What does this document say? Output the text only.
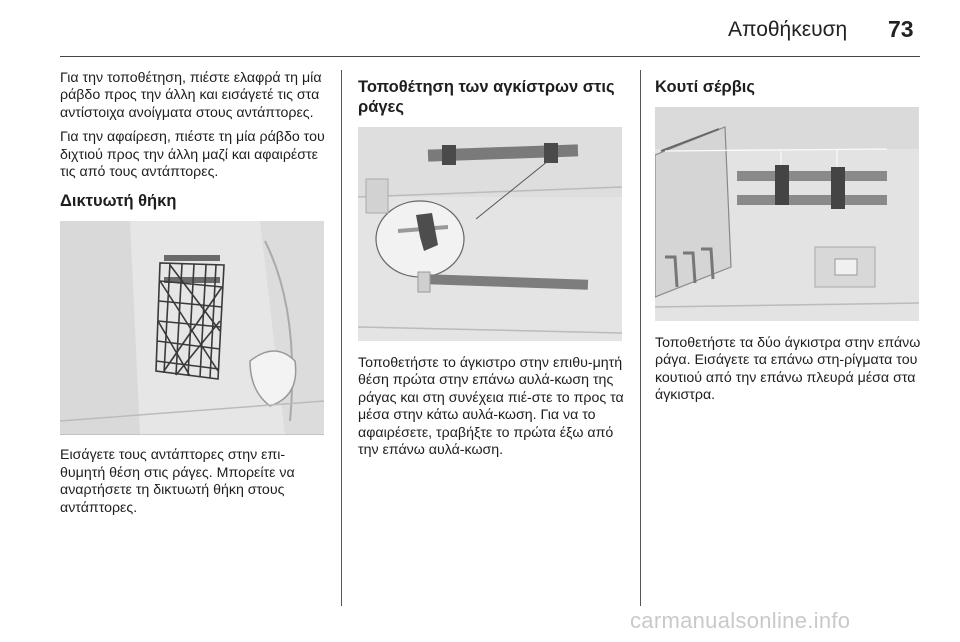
Αποθήκευση 73

Για την τοποθέτηση, πιέστε ελαφρά τη μία ράβδο προς την άλλη και εισάγετέ τις στα αντίστοιχα ανοίγματα στους αντάπτορες.

Για την αφαίρεση, πιέστε τη μία ράβδο του διχτιού προς την άλλη μαζί και αφαιρέστε τις από τους αντάπτορες.

Δικτυωτή θήκη

Εισάγετε τους αντάπτορες στην επι-θυμητή θέση στις ράγες. Μπορείτε να αναρτήσετε τη δικτυωτή θήκη στους αντάπτορες.

Τοποθέτηση των αγκίστρων στις ράγες

Τοποθετήστε το άγκιστρο στην επιθυ-μητή θέση πρώτα στην επάνω αυλά-κωση της ράγας και στη συνέχεια πιέ-στε το προς τα μέσα στην κάτω αυλά-κωση. Για να το αφαιρέσετε, τραβήξτε το πρώτα έξω από την επάνω αυλά-κωση.

Κουτί σέρβις

Τοποθετήστε τα δύο άγκιστρα στην επάνω ράγα. Εισάγετε τα επάνω στη-ρίγματα του κουτιού από την επάνω πλευρά μέσα στα άγκιστρα.

carmanualsonline.info
